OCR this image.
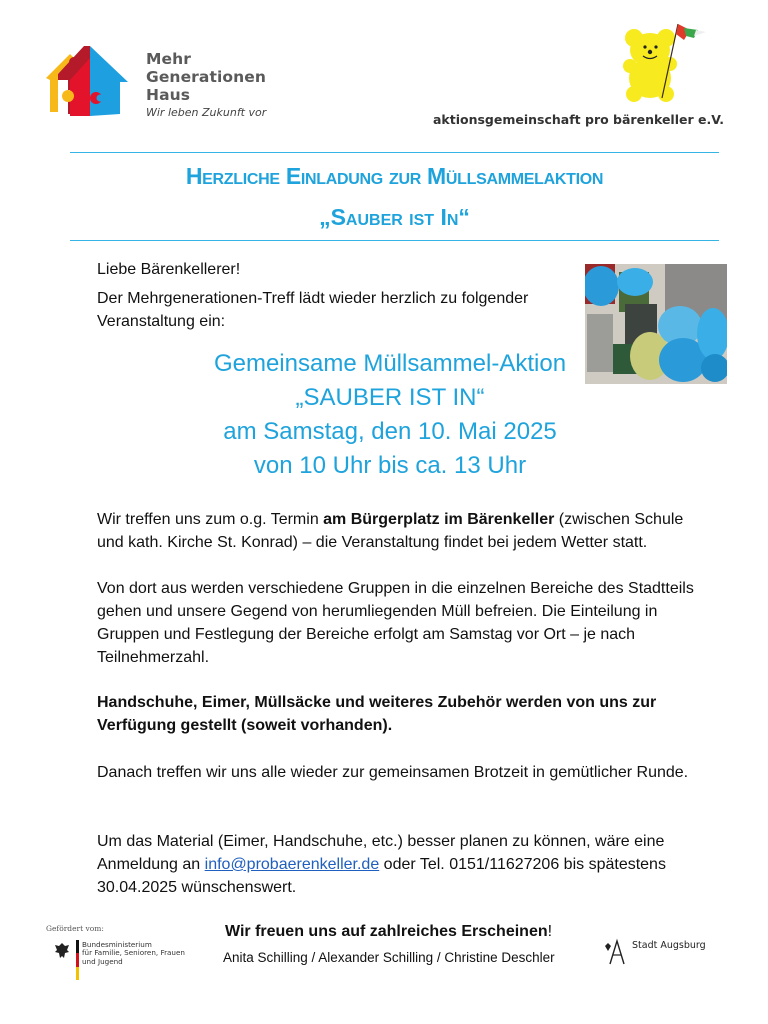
Mehr
Generationen
Haus
Wir leben Zukunft vor	aktionsgemeinschaft pro bärenkeller e.V.
Herzliche Einladung zur Müllsammelaktion
„Sauber ist In“
Liebe Bärenkellerer!
Der Mehrgenerationen-Treff lädt wieder herzlich zu folgender Veranstaltung ein:
Gemeinsame Müllsammel-Aktion
„SAUBER IST IN“
am Samstag, den 10. Mai 2025
von 10 Uhr bis ca. 13 Uhr
Wir treffen uns zum o.g. Termin am Bürgerplatz im Bärenkeller (zwischen Schule und kath. Kirche St. Konrad) – die Veranstaltung findet bei jedem Wetter statt.
Von dort aus werden verschiedene Gruppen in die einzelnen Bereiche des Stadtteils gehen und unsere Gegend von herumliegenden Müll befreien. Die Einteilung in Gruppen und Festlegung der Bereiche erfolgt am Samstag vor Ort – je nach Teilnehmerzahl.
Handschuhe, Eimer, Müllsäcke und weiteres Zubehör werden von uns zur Verfügung gestellt (soweit vorhanden).
Danach treffen wir uns alle wieder zur gemeinsamen Brotzeit in gemütlicher Runde.
Um das Material (Eimer, Handschuhe, etc.) besser planen zu können, wäre eine Anmeldung an info@probaerenkeller.de oder Tel. 0151/11627206 bis spätestens 30.04.2025 wünschenswert.
Gefördert vom:
Bundesministerium
für Familie, Senioren, Frauen
und Jugend
Wir freuen uns auf zahlreiches Erscheinen!
Anita Schilling / Alexander Schilling / Christine Deschler
Stadt Augsburg
